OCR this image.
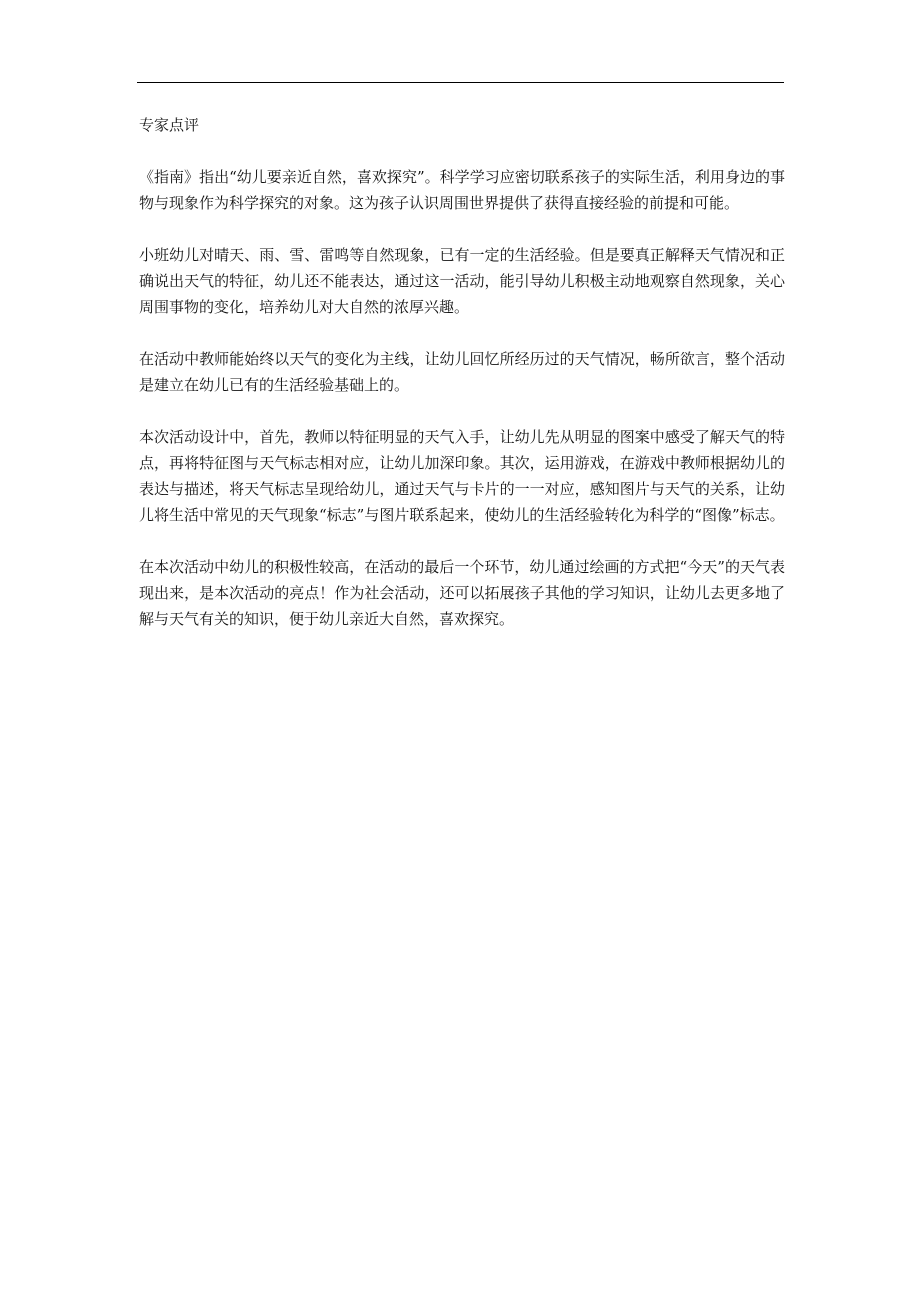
专家点评

《指南》指出“幼儿要亲近自然，喜欢探究”。科学学习应密切联系孩子的实际生活，利用身边的事物与现象作为科学探究的对象。这为孩子认识周围世界提供了获得直接经验的前提和可能。

小班幼儿对晴天、雨、雪、雷鸣等自然现象，已有一定的生活经验。但是要真正解释天气情况和正确说出天气的特征，幼儿还不能表达，通过这一活动，能引导幼儿积极主动地观察自然现象，关心周围事物的变化，培养幼儿对大自然的浓厚兴趣。

在活动中教师能始终以天气的变化为主线，让幼儿回忆所经历过的天气情况，畅所欲言，整个活动是建立在幼儿已有的生活经验基础上的。

本次活动设计中，首先，教师以特征明显的天气入手，让幼儿先从明显的图案中感受了解天气的特点，再将特征图与天气标志相对应，让幼儿加深印象。其次，运用游戏，在游戏中教师根据幼儿的表达与描述，将天气标志呈现给幼儿，通过天气与卡片的一一对应，感知图片与天气的关系，让幼儿将生活中常见的天气现象“标志”与图片联系起来，使幼儿的生活经验转化为科学的“图像”标志。

在本次活动中幼儿的积极性较高，在活动的最后一个环节，幼儿通过绘画的方式把“今天”的天气表现出来，是本次活动的亮点！作为社会活动，还可以拓展孩子其他的学习知识，让幼儿去更多地了解与天气有关的知识，便于幼儿亲近大自然，喜欢探究。
